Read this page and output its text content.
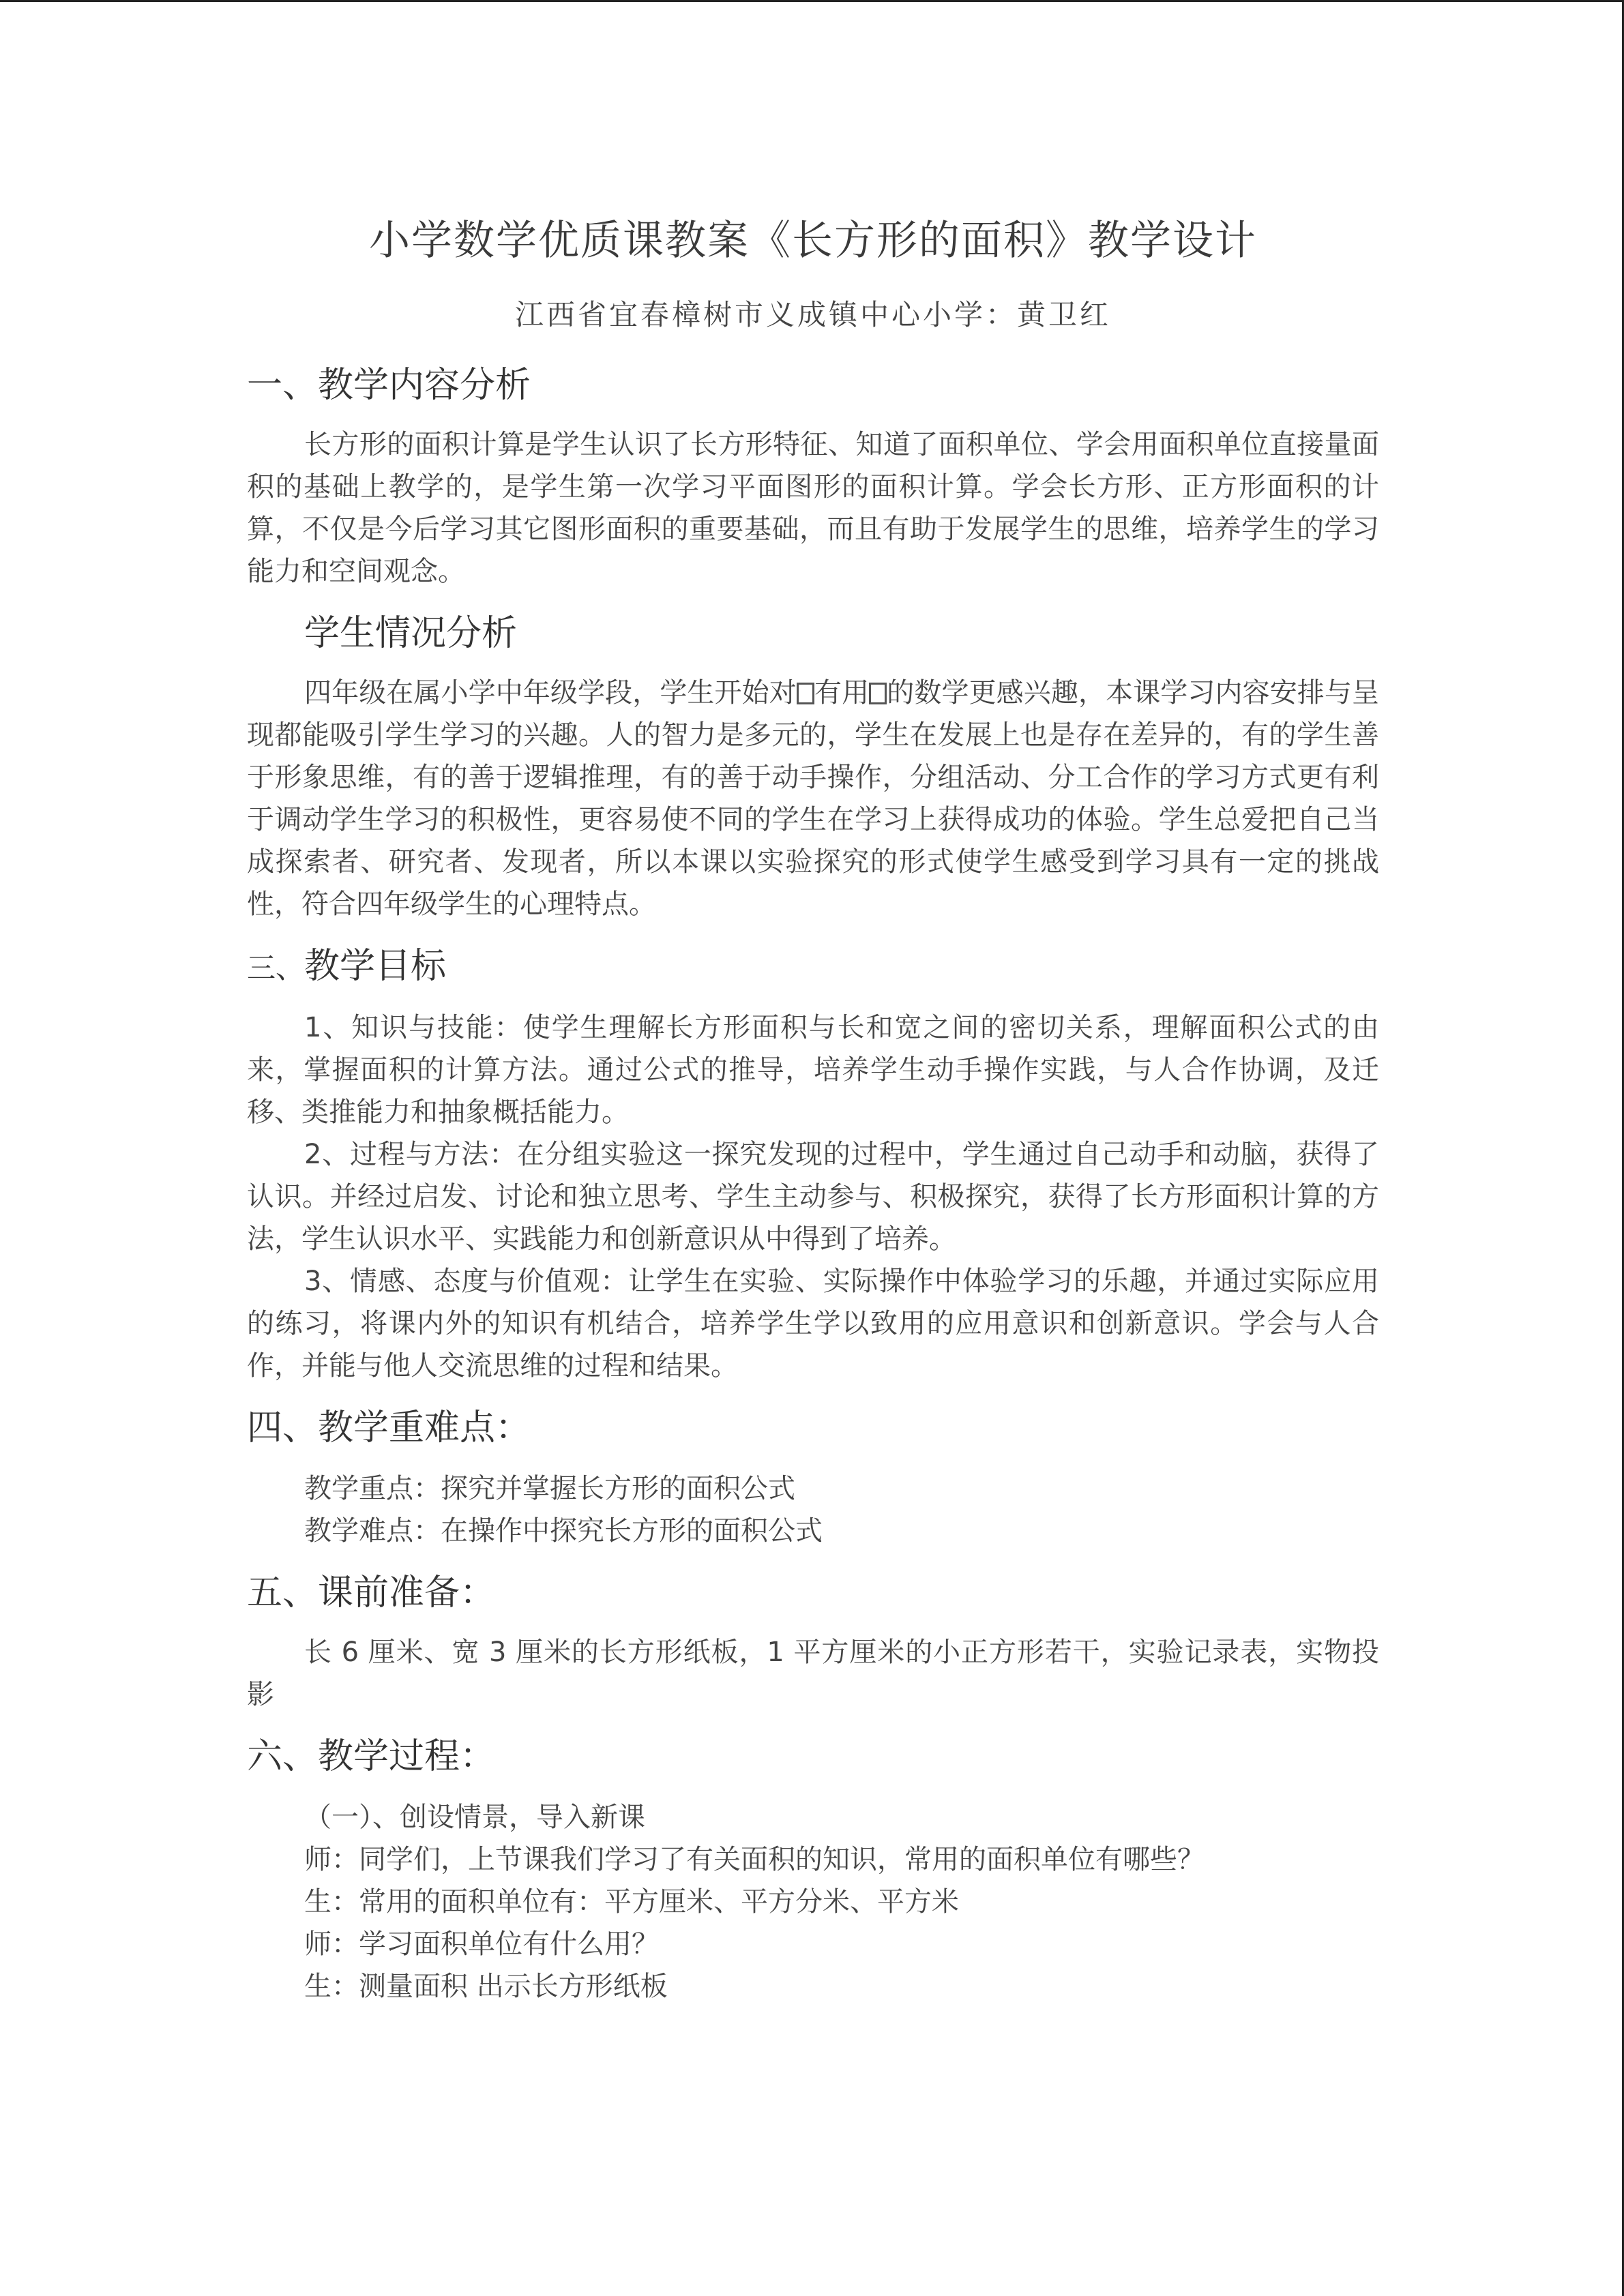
小学数学优质课教案《长方形的面积》教学设计
江西省宜春樟树市义成镇中心小学：黄卫红
一、教学内容分析

长方形的面积计算是学生认识了长方形特征、知道了面积单位、学会用面积单位直接量面积的基础上教学的，是学生第一次学习平面图形的面积计算。学会长方形、正方形面积的计算，不仅是今后学习其它图形面积的重要基础，而且有助于发展学生的思维，培养学生的学习能力和空间观念。

学生情况分析

四年级在属小学中年级学段，学生开始对 有用 的数学更感兴趣，本课学习内容安排与呈现都能吸引学生学习的兴趣。人的智力是多元的，学生在发展上也是存在差异的，有的学生善于形象思维，有的善于逻辑推理，有的善于动手操作，分组活动、分工合作的学习方式更有利于调动学生学习的积极性，更容易使不同的学生在学习上获得成功的体验。学生总爱把自己当成探索者、研究者、发现者，所以本课以实验探究的形式使学生感受到学习具有一定的挑战性，符合四年级学生的心理特点。

三、教学目标

1、知识与技能：使学生理解长方形面积与长和宽之间的密切关系，理解面积公式的由来，掌握面积的计算方法。通过公式的推导，培养学生动手操作实践，与人合作协调，及迁移、类推能力和抽象概括能力。

2、过程与方法：在分组实验这一探究发现的过程中，学生通过自己动手和动脑，获得了认识。并经过启发、讨论和独立思考、学生主动参与、积极探究，获得了长方形面积计算的方法，学生认识水平、实践能力和创新意识从中得到了培养。

3、情感、态度与价值观：让学生在实验、实际操作中体验学习的乐趣，并通过实际应用的练习，将课内外的知识有机结合，培养学生学以致用的应用意识和创新意识。学会与人合作，并能与他人交流思维的过程和结果。

四、教学重难点：

教学重点：探究并掌握长方形的面积公式

教学难点：在操作中探究长方形的面积公式

五、课前准备：

长 6 厘米、宽 3 厘米的长方形纸板，1 平方厘米的小正方形若干，实验记录表，实物投影

六、教学过程：

（一）、创设情景，导入新课

师：同学们，上节课我们学习了有关面积的知识，常用的面积单位有哪些？

生：常用的面积单位有：平方厘米、平方分米、平方米

师：学习面积单位有什么用？

生：测量面积 出示长方形纸板
